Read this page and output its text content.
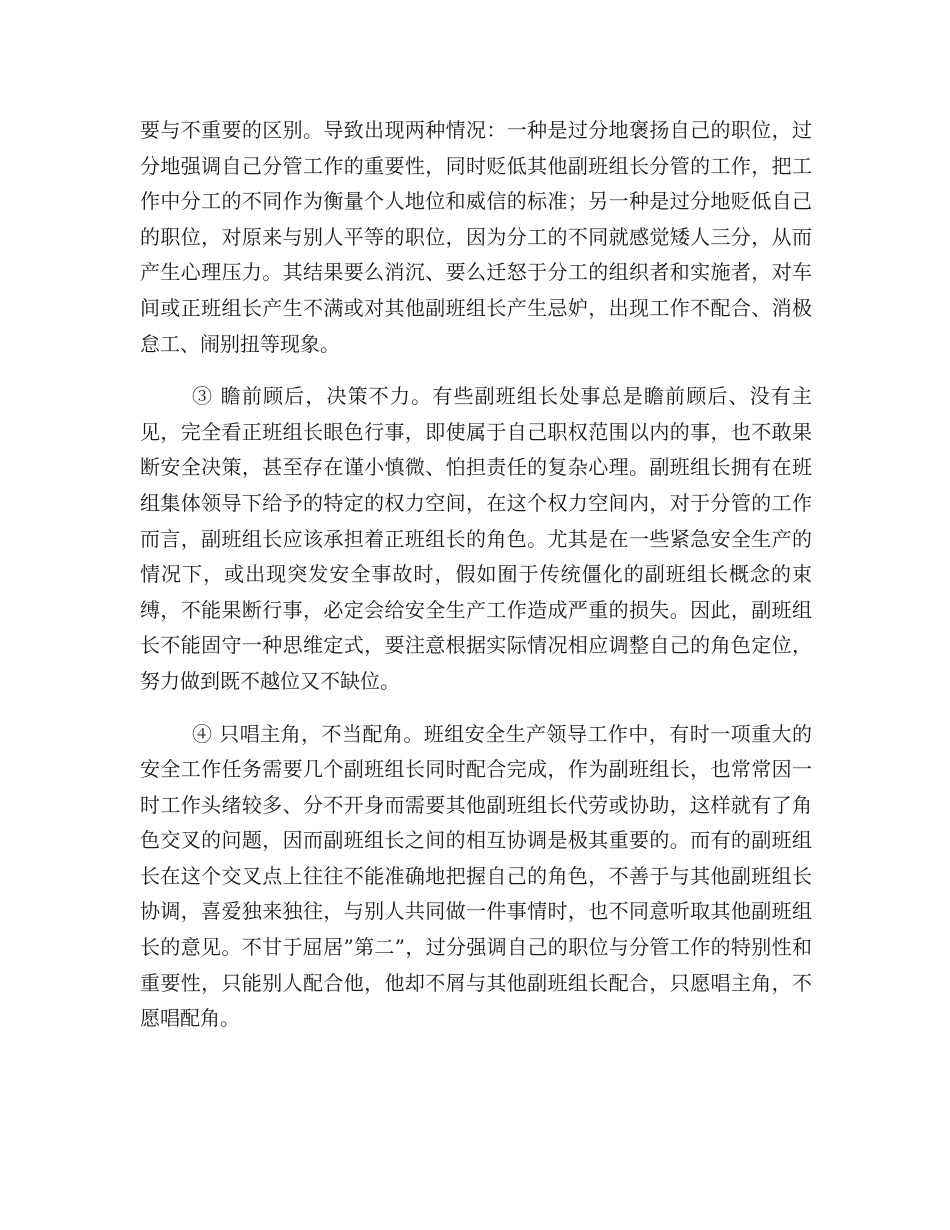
要与不重要的区别。导致出现两种情况：一种是过分地褒扬自己的职位，过分地强调自己分管工作的重要性，同时贬低其他副班组长分管的工作，把工作中分工的不同作为衡量个人地位和威信的标准；另一种是过分地贬低自己的职位，对原来与别人平等的职位，因为分工的不同就感觉矮人三分，从而产生心理压力。其结果要么消沉、要么迁怒于分工的组织者和实施者，对车间或正班组长产生不满或对其他副班组长产生忌妒，出现工作不配合、消极怠工、闹别扭等现象。

③ 瞻前顾后，决策不力。有些副班组长处事总是瞻前顾后、没有主见，完全看正班组长眼色行事，即使属于自己职权范围以内的事，也不敢果断安全决策，甚至存在谨小慎微、怕担责任的复杂心理。副班组长拥有在班组集体领导下给予的特定的权力空间，在这个权力空间内，对于分管的工作而言，副班组长应该承担着正班组长的角色。尤其是在一些紧急安全生产的情况下，或出现突发安全事故时，假如囿于传统僵化的副班组长概念的束缚，不能果断行事，必定会给安全生产工作造成严重的损失。因此，副班组长不能固守一种思维定式，要注意根据实际情况相应调整自己的角色定位，努力做到既不越位又不缺位。

④ 只唱主角，不当配角。班组安全生产领导工作中，有时一项重大的安全工作任务需要几个副班组长同时配合完成，作为副班组长，也常常因一时工作头绪较多、分不开身而需要其他副班组长代劳或协助，这样就有了角色交叉的问题，因而副班组长之间的相互协调是极其重要的。而有的副班组长在这个交叉点上往往不能准确地把握自己的角色，不善于与其他副班组长协调，喜爱独来独往，与别人共同做一件事情时，也不同意听取其他副班组长的意见。不甘于屈居”第二”，过分强调自己的职位与分管工作的特别性和重要性，只能别人配合他，他却不屑与其他副班组长配合，只愿唱主角，不愿唱配角。
